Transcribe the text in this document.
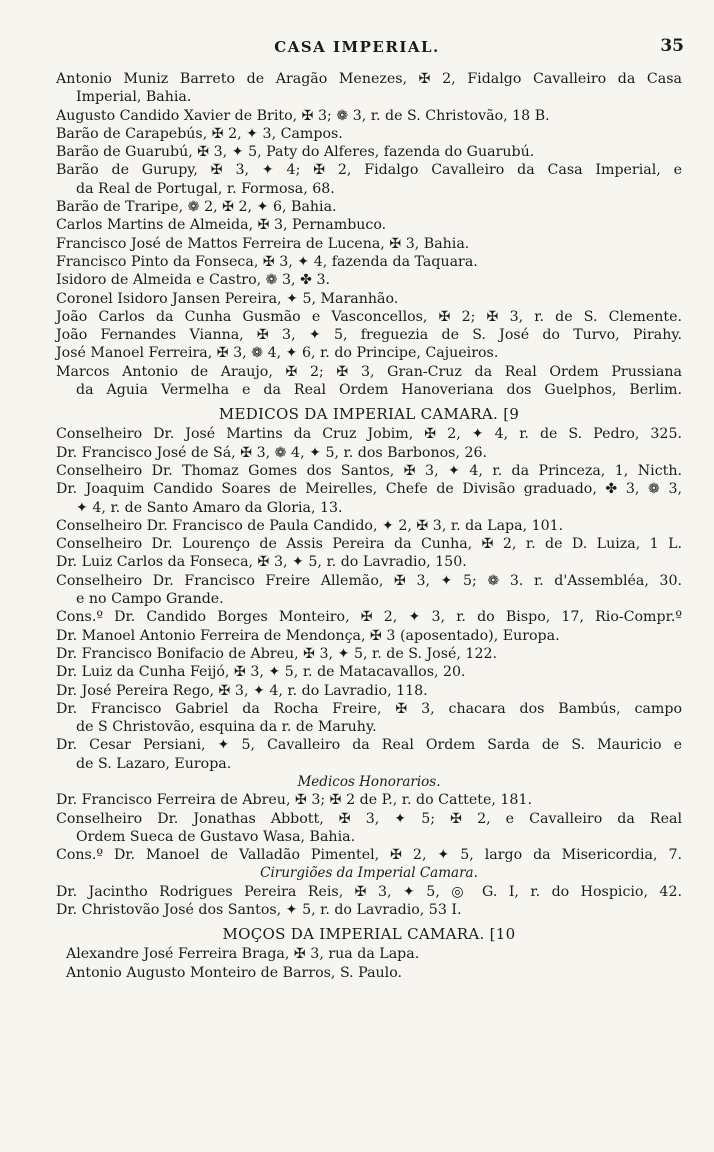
CASA IMPERIAL.	35
Antonio Muniz Barreto de Aragão Menezes, ✠ 2, Fidalgo Cavalleiro da Casa
Imperial, Bahia.
Augusto Candido Xavier de Brito, ✠ 3; ❁ 3, r. de S. Christovão, 18 B.
Barão de Carapebús, ✠ 2, ✦ 3, Campos.
Barão de Guarubú, ✠ 3, ✦ 5, Paty do Alferes, fazenda do Guarubú.
Barão de Gurupy, ✠ 3, ✦ 4; ✠ 2, Fidalgo Cavalleiro da Casa Imperial, e
da Real de Portugal, r. Formosa, 68.
Barão de Traripe, ❁ 2, ✠ 2, ✦ 6, Bahia.
Carlos Martins de Almeida, ✠ 3, Pernambuco.
Francisco José de Mattos Ferreira de Lucena, ✠ 3, Bahia.
Francisco Pinto da Fonseca, ✠ 3, ✦ 4, fazenda da Taquara.
Isidoro de Almeida e Castro, ❁ 3, ✤ 3.
Coronel Isidoro Jansen Pereira, ✦ 5, Maranhão.
João Carlos da Cunha Gusmão e Vasconcellos, ✠ 2; ✠ 3, r. de S. Clemente.
João Fernandes Vianna, ✠ 3, ✦ 5, freguezia de S. José do Turvo, Pirahy.
José Manoel Ferreira, ✠ 3, ❁ 4, ✦ 6, r. do Principe, Cajueiros.
Marcos Antonio de Araujo, ✠ 2; ✠ 3, Gran-Cruz da Real Ordem Prussiana
da Aguia Vermelha e da Real Ordem Hanoveriana dos Guelphos, Berlim.
MEDICOS DA IMPERIAL CAMARA. [9
Conselheiro Dr. José Martins da Cruz Jobim, ✠ 2, ✦ 4, r. de S. Pedro, 325.
Dr. Francisco José de Sá, ✠ 3, ❁ 4, ✦ 5, r. dos Barbonos, 26.
Conselheiro Dr. Thomaz Gomes dos Santos, ✠ 3, ✦ 4, r. da Princeza, 1, Nicth.
Dr. Joaquim Candido Soares de Meirelles, Chefe de Divisão graduado, ✤ 3, ❁ 3,
✦ 4, r. de Santo Amaro da Gloria, 13.
Conselheiro Dr. Francisco de Paula Candido, ✦ 2, ✠ 3, r. da Lapa, 101.
Conselheiro Dr. Lourenço de Assis Pereira da Cunha, ✠ 2, r. de D. Luiza, 1 L.
Dr. Luiz Carlos da Fonseca, ✠ 3, ✦ 5, r. do Lavradio, 150.
Conselheiro Dr. Francisco Freire Allemão, ✠ 3, ✦ 5; ❁ 3. r. d'Assembléa, 30.
e no Campo Grande.
Cons.º Dr. Candido Borges Monteiro, ✠ 2, ✦ 3, r. do Bispo, 17, Rio-Compr.º
Dr. Manoel Antonio Ferreira de Mendonça, ✠ 3 (aposentado), Europa.
Dr. Francisco Bonifacio de Abreu, ✠ 3, ✦ 5, r. de S. José, 122.
Dr. Luiz da Cunha Feijó, ✠ 3, ✦ 5, r. de Matacavallos, 20.
Dr. José Pereira Rego, ✠ 3, ✦ 4, r. do Lavradio, 118.
Dr. Francisco Gabriel da Rocha Freire, ✠ 3, chacara dos Bambús, campo
de S Christovão, esquina da r. de Maruhy.
Dr. Cesar Persiani, ✦ 5, Cavalleiro da Real Ordem Sarda de S. Mauricio e
de S. Lazaro, Europa.
Medicos Honorarios.
Dr. Francisco Ferreira de Abreu, ✠ 3; ✠ 2 de P., r. do Cattete, 181.
Conselheiro Dr. Jonathas Abbott, ✠ 3, ✦ 5; ✠ 2, e Cavalleiro da Real
Ordem Sueca de Gustavo Wasa, Bahia.
Cons.º Dr. Manoel de Valladão Pimentel, ✠ 2, ✦ 5, largo da Misericordia, 7.
Cirurgiões da Imperial Camara.
Dr. Jacintho Rodrigues Pereira Reis, ✠ 3, ✦ 5, ◎ G. I, r. do Hospicio, 42.
Dr. Christovão José dos Santos, ✦ 5, r. do Lavradio, 53 I.
MOÇOS DA IMPERIAL CAMARA. [10
Alexandre José Ferreira Braga, ✠ 3, rua da Lapa.
Antonio Augusto Monteiro de Barros, S. Paulo.
